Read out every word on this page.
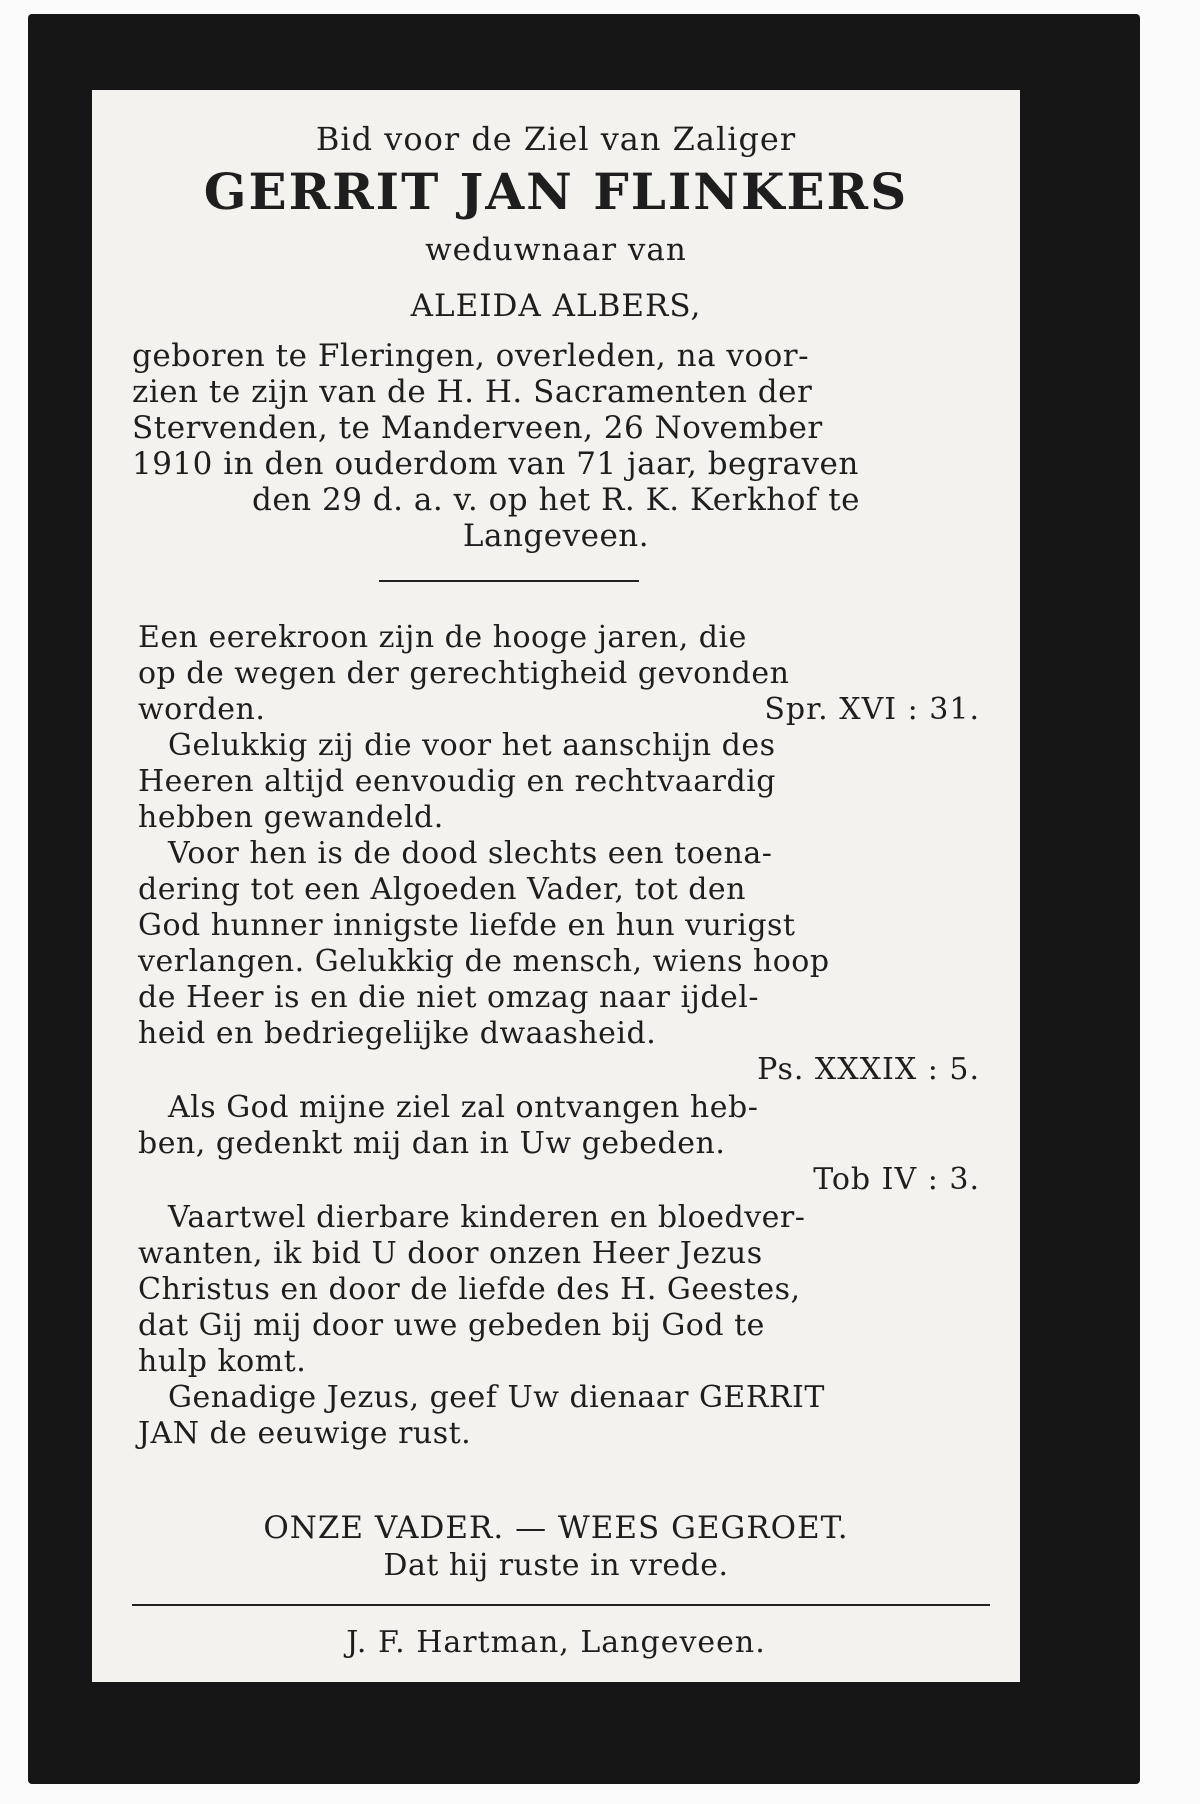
Bid voor de Ziel van Zaliger
GERRIT JAN FLINKERS
weduwnaar van
ALEIDA ALBERS,
geboren te Fleringen, overleden, na voor-
zien te zijn van de H. H. Sacramenten der
Stervenden, te Manderveen, 26 November
1910 in den ouderdom van 71 jaar, begraven
den 29 d. a. v. op het R. K. Kerkhof te
Langeveen.
Een eerekroon zijn de hooge jaren, die
op de wegen der gerechtigheid gevonden
worden.	Spr. XVI : 31.
Gelukkig zij die voor het aanschijn des
Heeren altijd eenvoudig en rechtvaardig
hebben gewandeld.
Voor hen is de dood slechts een toena-
dering tot een Algoeden Vader, tot den
God hunner innigste liefde en hun vurigst
verlangen. Gelukkig de mensch, wiens hoop
de Heer is en die niet omzag naar ijdel-
heid en bedriegelijke dwaasheid.
Ps. XXXIX : 5.
Als God mijne ziel zal ontvangen heb-
ben, gedenkt mij dan in Uw gebeden.
Tob IV : 3.
Vaartwel dierbare kinderen en bloedver-
wanten, ik bid U door onzen Heer Jezus
Christus en door de liefde des H. Geestes,
dat Gij mij door uwe gebeden bij God te
hulp komt.
Genadige Jezus, geef Uw dienaar GERRIT
JAN de eeuwige rust.
ONZE VADER. — WEES GEGROET.
Dat hij ruste in vrede.
J. F. Hartman, Langeveen.
